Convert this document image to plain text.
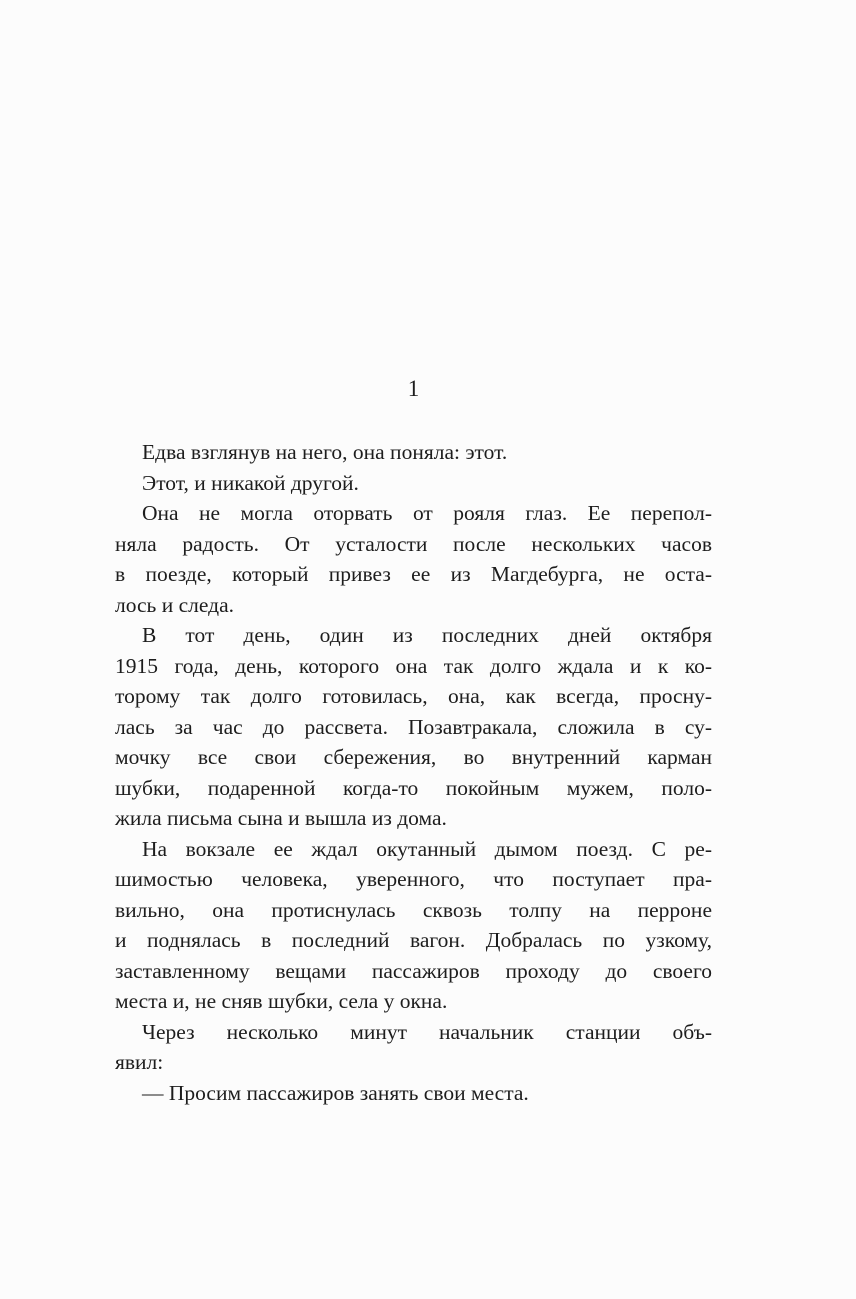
1
Едва взглянув на него, она поняла: этот.
Этот, и никакой другой.
Она не могла оторвать от рояля глаз. Ее перепол-
няла радость. От усталости после нескольких часов
в поезде, который привез ее из Магдебурга, не оста-
лось и следа.
В тот день, один из последних дней октября
1915 года, день, которого она так долго ждала и к ко-
торому так долго готовилась, она, как всегда, просну-
лась за час до рассвета. Позавтракала, сложила в су-
мочку все свои сбережения, во внутренний карман
шубки, подаренной когда-то покойным мужем, поло-
жила письма сына и вышла из дома.
На вокзале ее ждал окутанный дымом поезд. С ре-
шимостью человека, уверенного, что поступает пра-
вильно, она протиснулась сквозь толпу на перроне
и поднялась в последний вагон. Добралась по узкому,
заставленному вещами пассажиров проходу до своего
места и, не сняв шубки, села у окна.
Через несколько минут начальник станции объ-
явил:
— Просим пассажиров занять свои места.
